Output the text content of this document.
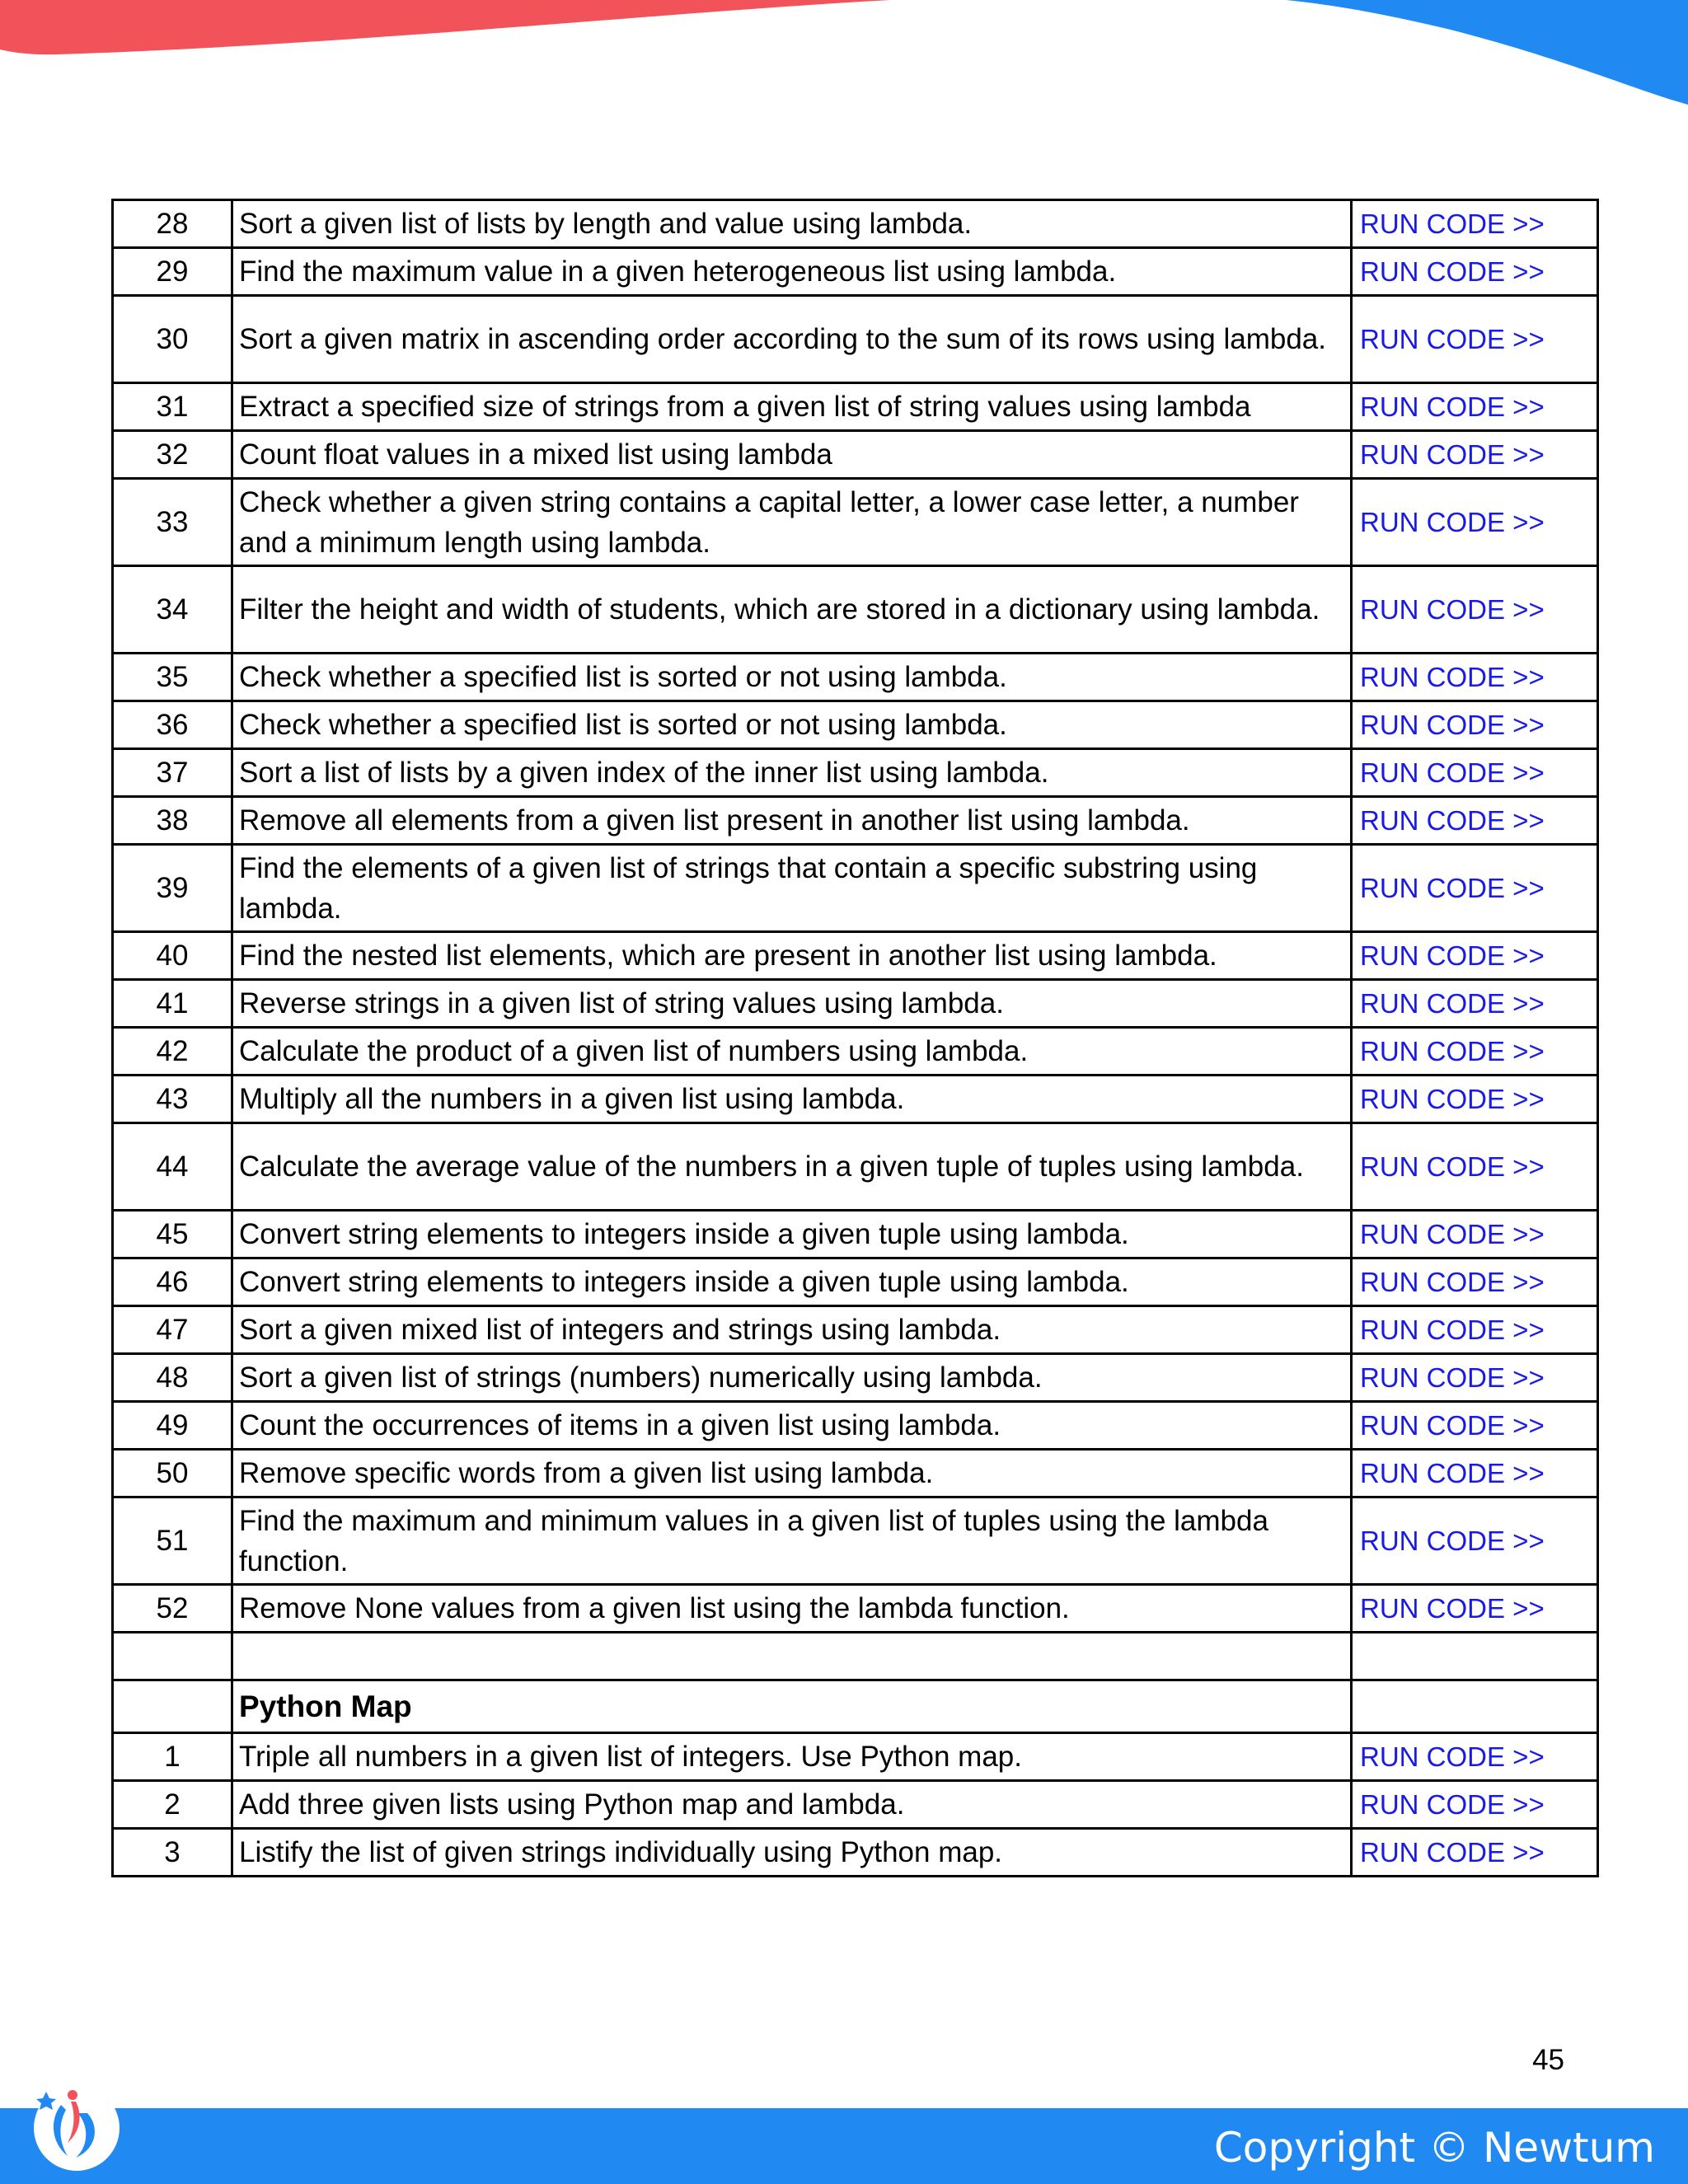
28	Sort a given list of lists by length and value using lambda.	RUN CODE >>
29	Find the maximum value in a given heterogeneous list using lambda.	RUN CODE >>
30	Sort a given matrix in ascending order according to the sum of its rows using lambda.	RUN CODE >>
31	Extract a specified size of strings from a given list of string values using lambda	RUN CODE >>
32	Count float values in a mixed list using lambda	RUN CODE >>
33	Check whether a given string contains a capital letter, a lower case letter, a number and a minimum length using lambda.	RUN CODE >>
34	Filter the height and width of students, which are stored in a dictionary using lambda.	RUN CODE >>
35	Check whether a specified list is sorted or not using lambda.	RUN CODE >>
36	Check whether a specified list is sorted or not using lambda.	RUN CODE >>
37	Sort a list of lists by a given index of the inner list using lambda.	RUN CODE >>
38	Remove all elements from a given list present in another list using lambda.	RUN CODE >>
39	Find the elements of a given list of strings that contain a specific substring using lambda.	RUN CODE >>
40	Find the nested list elements, which are present in another list using lambda.	RUN CODE >>
41	Reverse strings in a given list of string values using lambda.	RUN CODE >>
42	Calculate the product of a given list of numbers using lambda.	RUN CODE >>
43	Multiply all the numbers in a given list using lambda.	RUN CODE >>
44	Calculate the average value of the numbers in a given tuple of tuples using lambda.	RUN CODE >>
45	Convert string elements to integers inside a given tuple using lambda.	RUN CODE >>
46	Convert string elements to integers inside a given tuple using lambda.	RUN CODE >>
47	Sort a given mixed list of integers and strings using lambda.	RUN CODE >>
48	Sort a given list of strings (numbers) numerically using lambda.	RUN CODE >>
49	Count the occurrences of items in a given list using lambda.	RUN CODE >>
50	Remove specific words from a given list using lambda.	RUN CODE >>
51	Find the maximum and minimum values in a given list of tuples using the lambda function.	RUN CODE >>
52	Remove None values from a given list using the lambda function.	RUN CODE >>

	Python Map	
1	Triple all numbers in a given list of integers. Use Python map.	RUN CODE >>
2	Add three given lists using Python map and lambda.	RUN CODE >>
3	Listify the list of given strings individually using Python map.	RUN CODE >>
45
Copyright © Newtum
